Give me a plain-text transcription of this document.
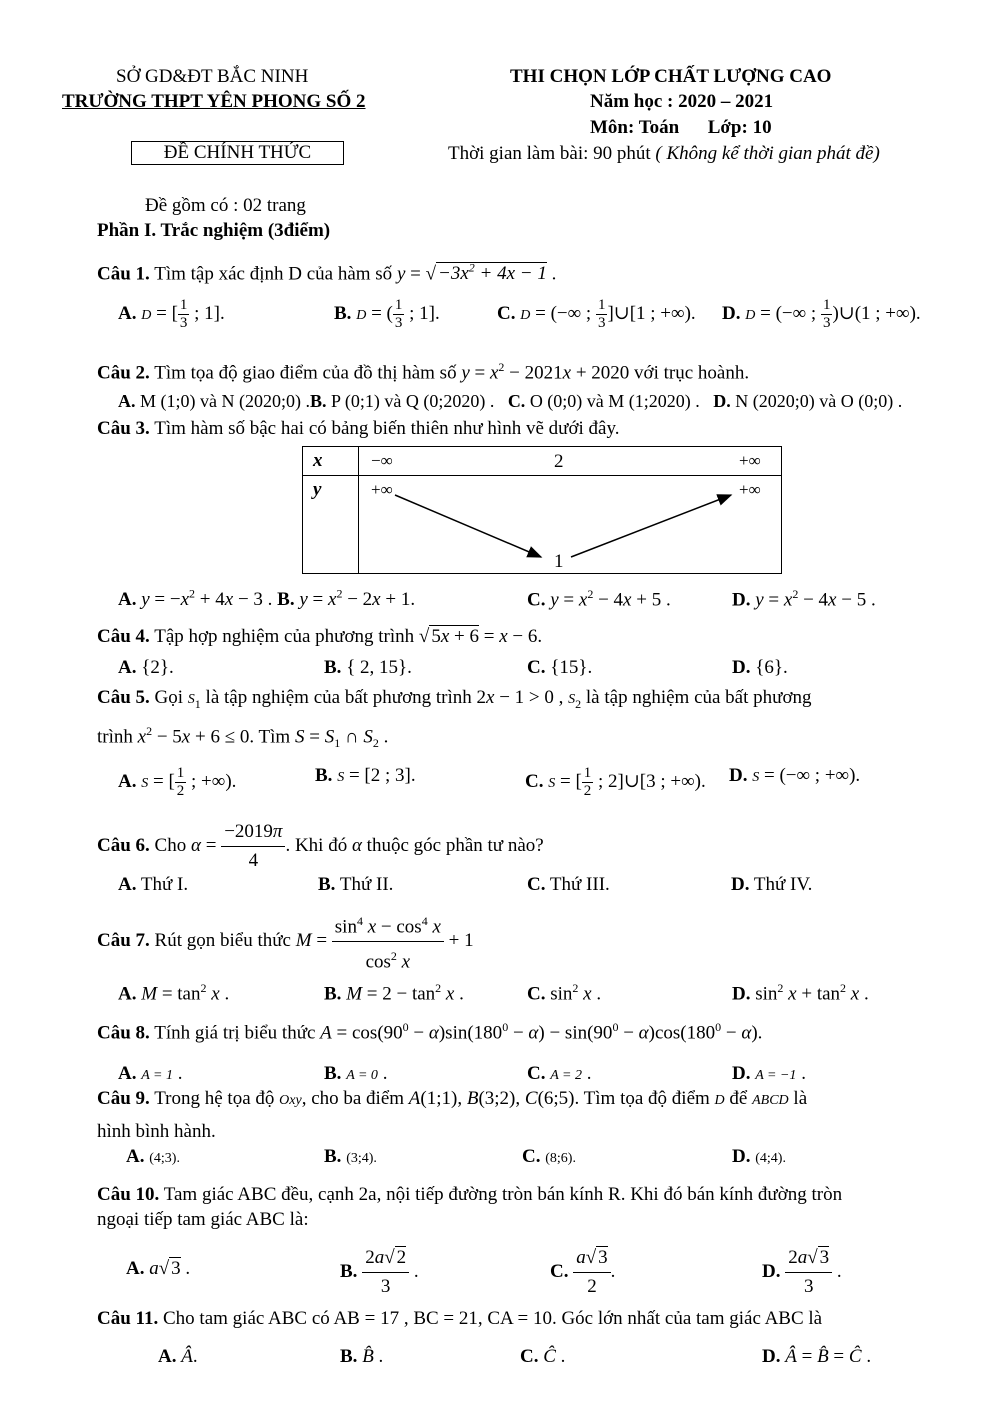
SỞ GD&ĐT BẮC NINH
TRƯỜNG THPT YÊN PHONG SỐ 2
ĐỀ CHÍNH THỨC
THI CHỌN LỚP CHẤT LƯỢNG CAO
Năm học : 2020 – 2021
Môn: Toán      Lớp: 10
Thời gian làm bài: 90 phút ( Không kể thời gian phát đề)
Đề gồm có : 02 trang
Phần I. Trắc nghiệm (3điểm)
Câu 1. Tìm tập xác định D của hàm số y = √ $-3x^2 + 4x - 1$ .
A. D = [ $\frac{1}{3}$ ; 1].	B. D = ( $\frac{1}{3}$ ; 1].	C. D = (−∞ ; $\frac{1}{3}$ ]∪[1 ; +∞). D. D = (−∞ ; $\frac{1}{3}$ )∪(1 ; +∞).
Câu 2. Tìm tọa độ giao điểm của đồ thị hàm số $y = x^2 - 2021x + 2020$ với trục hoành.
A. M (1;0) và N (2020;0) .B. P (0;1) và Q (0;2020) . C. O (0;0) và M (1;2020) . D. N (2020;0) và O (0;0) .
Câu 3. Tìm hàm số bậc hai có bảng biến thiên như hình vẽ dưới đây.
x
y
−∞	2	+∞
+∞	+∞
1
A. $y = -x^2 + 4x - 3$ . B. $y = x^2 - 2x + 1$.	C. $y = x^2 - 4x + 5$ .	D. $y = x^2 - 4x - 5$ .
Câu 4. Tập hợp nghiệm của phương trình √ 5x + 6 = x − 6.
A. {2}.	B. { 2, 15}.	C. {15}.	D. {6}.
Câu 5. Gọi $S_1$ là tập nghiệm của bất phương trình 2x − 1 > 0 , $S_2$ là tập nghiệm của bất phương
trình $x^2 - 5x + 6 \le 0$. Tìm $S = S_1$ ∩ $S_2$ .
A. S = [ $\frac{1}{2}$ ; +∞).	B. S = [2 ; 3].	C. S = [ $\frac{1}{2}$ ; 2]∪[3 ; +∞). D. S = (−∞ ; +∞).
Câu 6. Cho $\alpha = \frac{-2019\pi}{4}$ . Khi đó α thuộc góc phần tư nào?
A. Thứ I.	B. Thứ II.	C. Thứ III.	D. Thứ IV.
Câu 7. Rút gọn biểu thức $M = \frac{\sin^4 x - \cos^4 x}{\cos^2 x} + 1$
A. $M = \tan^2 x$ .	B. $M = 2 - \tan^2 x$ .	C. $\sin^2 x$ .	D. $\sin^2 x + \tan^2 x$ .
Câu 8. Tính giá trị biểu thức $A = \cos(90^0 - \alpha)\sin(180^0 - \alpha) - \sin(90^0 - \alpha)\cos(180^0 - \alpha)$.
A. A = 1 .	B. A = 0 .	C. A = 2 .	D. A = −1 .
Câu 9. Trong hệ tọa độ Oxy, cho ba điểm A(1;1), B(3;2), C(6;5). Tìm tọa độ điểm D để ABCD là
hình bình hành.
A. (4;3).	B. (3;4).	C. (8;6).	D. (4;4).
Câu 10. Tam giác ABC đều, cạnh 2a, nội tiếp đường tròn bán kính R. Khi đó bán kính đường tròn
ngoại tiếp tam giác ABC là:
A. a√ 3 .	B. $\frac{2a√ 2}{3}$ .	C. $\frac{a√ 3}{2}$ .	D. $\frac{2a√ 3}{3}$ .
Câu 11. Cho tam giác ABC có AB = 17 , BC = 21, CA = 10. Góc lớn nhất của tam giác ABC là
A. Â.	B. B̂ .	C. Ĉ .	D. Â = B̂ = Ĉ .
